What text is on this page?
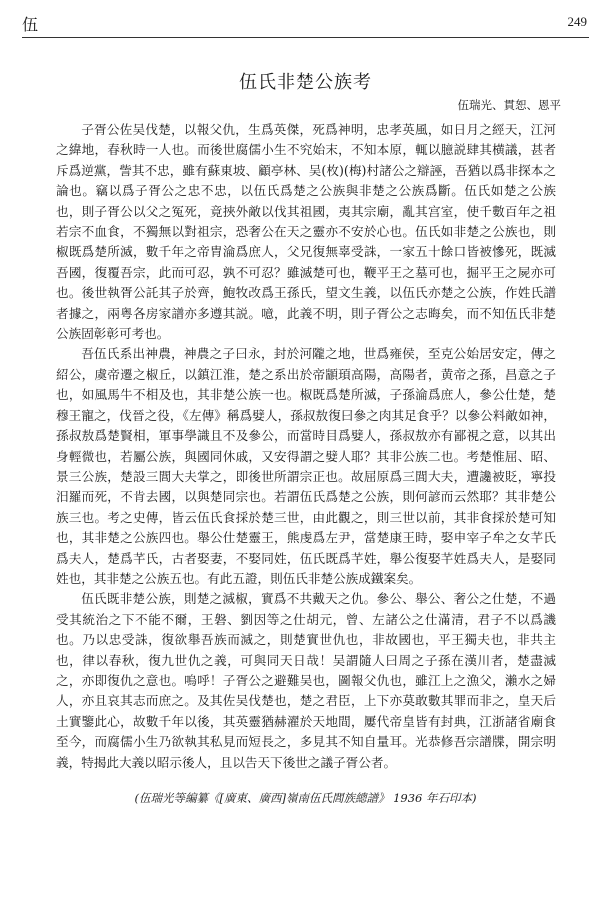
伍	249
伍氏非楚公族考
伍瑞光、貫恕、恩平

子胥公佐吴伐楚，以報父仇，生爲英傑，死爲神明，忠孝英風，如日月之經天，江河之緯地，春秋時一人也。而後世腐儒小生不究始末，不知本原，輒以臆説肆其横議，甚者斥爲逆黨，訾其不忠，雖有蘇東坡、顧亭林、吴(枚)(梅)村諸公之辯誣，吾猶以爲非探本之論也。竊以爲子胥公之忠不忠，以伍氏爲楚之公族與非楚之公族爲斷。伍氏如楚之公族也，則子胥公以父之冤死，竟挾外敵以伐其祖國，夷其宗廟，亂其宫室，使千數百年之祖若宗不血食，不獨無以對祖宗，恐奢公在天之靈亦不安於心也。伍氏如非楚之公族也，則椒既爲楚所滅，數千年之帝胄淪爲庶人，父兄復無辜受誅，一家五十餘口皆被慘死，既滅吾國，復覆吾宗，此而可忍，孰不可忍？雖滅楚可也，鞭平王之墓可也，掘平王之屍亦可也。後世執胥公託其子於齊，鮑牧改爲王孫氏，望文生義，以伍氏亦楚之公族，作姓氏譜者據之，兩粤各房家譜亦多遵其説。噫，此義不明，則子胥公之志晦矣，而不知伍氏非楚公族固彰彰可考也。

吾伍氏系出神農，神農之子曰永，封於河隴之地，世爲雍侯，至克公始居安定，傳之紹公，虞帝遷之椒丘，以鎮江淮，楚之系出於帝顓頊高陽，高陽者，黄帝之孫，昌意之子也，如風馬牛不相及也，其非楚公族一也。椒既爲楚所滅，子孫淪爲庶人，參公仕楚，楚穆王寵之，伐晉之役，《左傳》稱爲嬖人，孫叔敖復曰參之肉其足食乎？以參公料敵如神，孫叔敖爲楚賢相，軍事學識且不及參公，而當時目爲嬖人，孫叔敖亦有鄙視之意，以其出身輕微也，若屬公族，與國同休戚，又安得謂之嬖人耶？其非公族二也。考楚惟屈、昭、景三公族，楚設三閭大夫掌之，即後世所謂宗正也。故屈原爲三閭大夫，遭讒被貶，寧投汨羅而死，不肯去國，以與楚同宗也。若謂伍氏爲楚之公族，則何諺而云然耶？其非楚公族三也。考之史傳，皆云伍氏食採於楚三世，由此觀之，則三世以前，其非食採於楚可知也，其非楚之公族四也。舉公仕楚靈王，熊虔爲左尹，當楚康王時，娶申宰子牟之女芊氏爲夫人，楚爲芊氏，古者娶妻，不娶同姓，伍氏既爲芊姓，舉公復娶芊姓爲夫人，是娶同姓也，其非楚之公族五也。有此五證，則伍氏非楚公族成鐵案矣。

伍氏既非楚公族，則楚之滅椒，實爲不共戴天之仇。參公、舉公、奢公之仕楚，不過受其統治之下不能不爾，王磐、劉因等之仕胡元，曾、左諸公之仕滿清，君子不以爲譏也。乃以忠受誅，復欲舉吾族而滅之，則楚實世仇也，非故國也，平王獨夫也，非共主也，律以春秋，復九世仇之義，可與同天日哉！吴謂隨人曰周之子孫在漢川者，楚盡滅之，亦即復仇之意也。嗚呼！子胥公之避難吴也，圖報父仇也，雖江上之漁父，瀨水之婦人，亦且哀其志而庶之。及其佐吴伐楚也，楚之君臣，上下亦莫敢數其罪而非之，皇天后土實鑒此心，故數千年以後，其英靈猶赫濯於天地間，屢代帝皇皆有封典，江浙諸省廟食至今，而腐儒小生乃欲執其私見而短長之，多見其不知自量耳。光恭修吾宗譜牒，開宗明義，特揭此大義以昭示後人，且以告天下後世之議子胥公者。

(伍瑞光等編纂《[廣東、廣西]嶺南伍氏閭族總譜》 1936 年石印本)
